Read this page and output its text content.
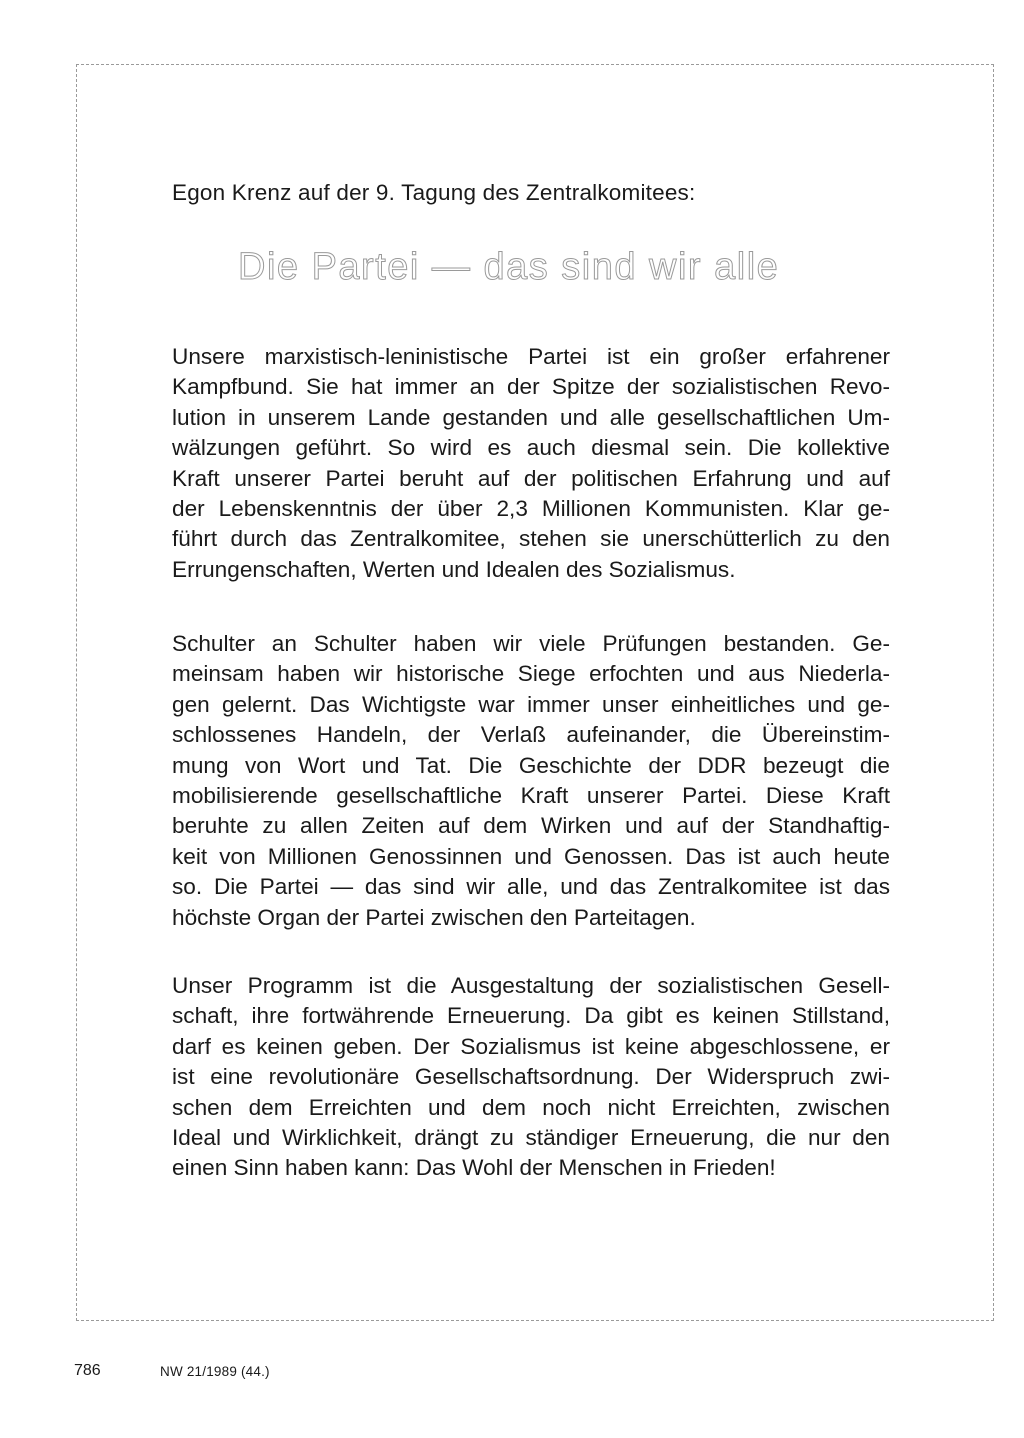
Egon Krenz auf der 9. Tagung des Zentralkomitees:
Die Partei — das sind wir alle
Unsere marxistisch-leninistische Partei ist ein großer erfahrener
Kampfbund. Sie hat immer an der Spitze der sozialistischen Revo-
lution in unserem Lande gestanden und alle gesellschaftlichen Um-
wälzungen geführt. So wird es auch diesmal sein. Die kollektive
Kraft unserer Partei beruht auf der politischen Erfahrung und auf
der Lebenskenntnis der über 2,3 Millionen Kommunisten. Klar ge-
führt durch das Zentralkomitee, stehen sie unerschütterlich zu den
Errungenschaften, Werten und Idealen des Sozialismus.
Schulter an Schulter haben wir viele Prüfungen bestanden. Ge-
meinsam haben wir historische Siege erfochten und aus Niederla-
gen gelernt. Das Wichtigste war immer unser einheitliches und ge-
schlossenes Handeln, der Verlaß aufeinander, die Übereinstim-
mung von Wort und Tat. Die Geschichte der DDR bezeugt die
mobilisierende gesellschaftliche Kraft unserer Partei. Diese Kraft
beruhte zu allen Zeiten auf dem Wirken und auf der Standhaftig-
keit von Millionen Genossinnen und Genossen. Das ist auch heute
so. Die Partei — das sind wir alle, und das Zentralkomitee ist das
höchste Organ der Partei zwischen den Parteitagen.
Unser Programm ist die Ausgestaltung der sozialistischen Gesell-
schaft, ihre fortwährende Erneuerung. Da gibt es keinen Stillstand,
darf es keinen geben. Der Sozialismus ist keine abgeschlossene, er
ist eine revolutionäre Gesellschaftsordnung. Der Widerspruch zwi-
schen dem Erreichten und dem noch nicht Erreichten, zwischen
Ideal und Wirklichkeit, drängt zu ständiger Erneuerung, die nur den
einen Sinn haben kann: Das Wohl der Menschen in Frieden!
786	NW 21/1989 (44.)
